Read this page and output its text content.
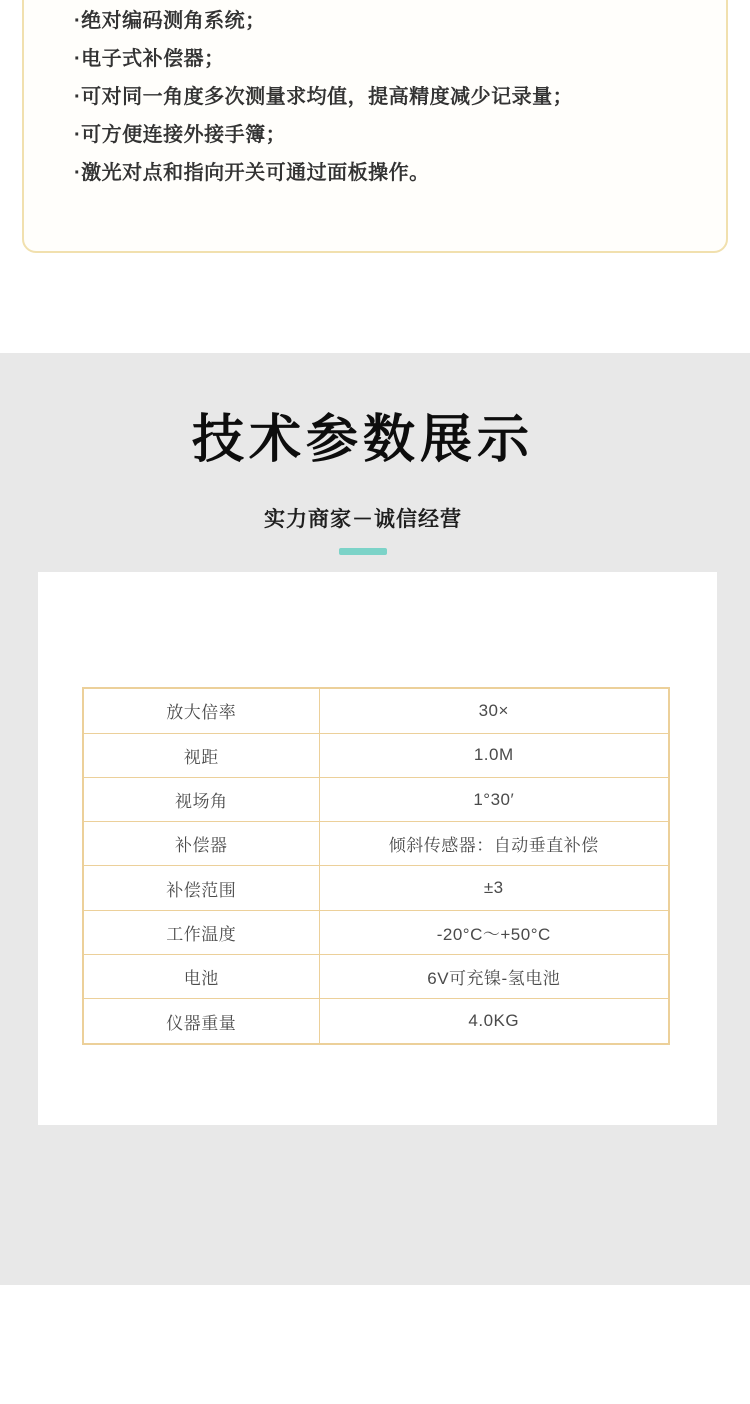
·绝对编码测角系统；
·电子式补偿器；
·可对同一角度多次测量求均值，提高精度减少记录量；
·可方便连接外接手簿；
·激光对点和指向开关可通过面板操作。
技术参数展示
实力商家－诚信经营
放大倍率	30×
视距	1.0M
视场角	1°30′
补偿器	倾斜传感器：自动垂直补偿
补偿范围	±3
工作温度	-20°C～+50°C
电池	6V可充镍-氢电池
仪器重量	4.0KG
